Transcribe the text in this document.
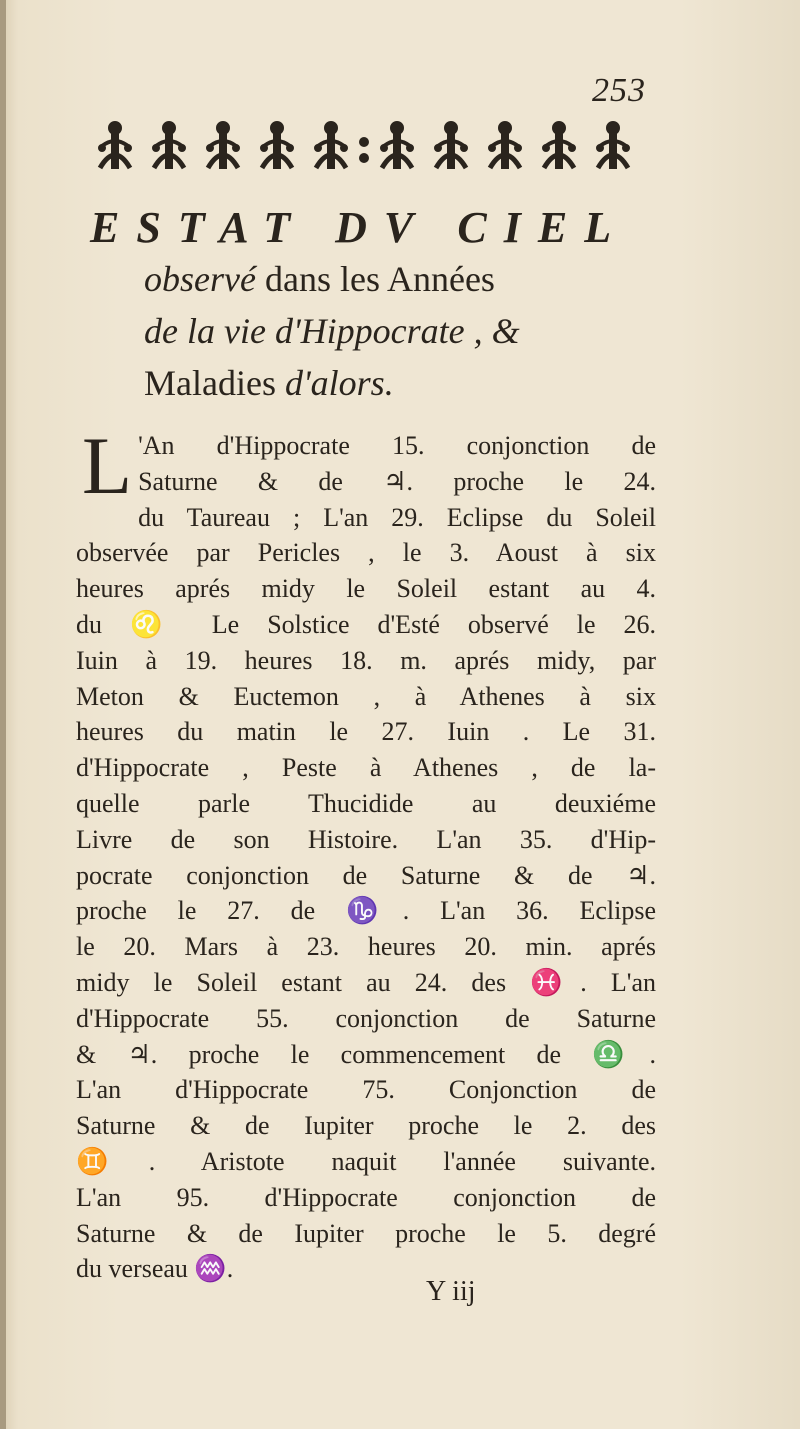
253
ESTAT DV CIEL
observé dans les Années
de la vie d'Hippocrate , &
Maladies d'alors.
L 'An d'Hippocrate 15. conjonction de
Saturne & de ♃. proche le 24.
du Taureau ; L'an 29. Eclipse du Soleil
observée par Pericles , le 3. Aoust à six
heures aprés midy le Soleil estant au 4.
du ♌ Le Solstice d'Esté observé le 26.
Iuin à 19. heures 18. m. aprés midy, par
Meton & Euctemon , à Athenes à six
heures du matin le 27. Iuin . Le 31.
d'Hippocrate , Peste à Athenes , de la-
quelle parle Thucidide au deuxiéme
Livre de son Histoire. L'an 35. d'Hip-
pocrate conjonction de Saturne & de ♃.
proche le 27. de ♑. L'an 36. Eclipse
le 20. Mars à 23. heures 20. min. aprés
midy le Soleil estant au 24. des ♓. L'an
d'Hippocrate 55. conjonction de Saturne
& ♃. proche le commencement de ♎.
L'an d'Hippocrate 75. Conjonction de
Saturne & de Iupiter proche le 2. des
♊. Aristote naquit l'année suivante.
L'an 95. d'Hippocrate conjonction de
Saturne & de Iupiter proche le 5. degré
du verseau ♒.
Y iij
